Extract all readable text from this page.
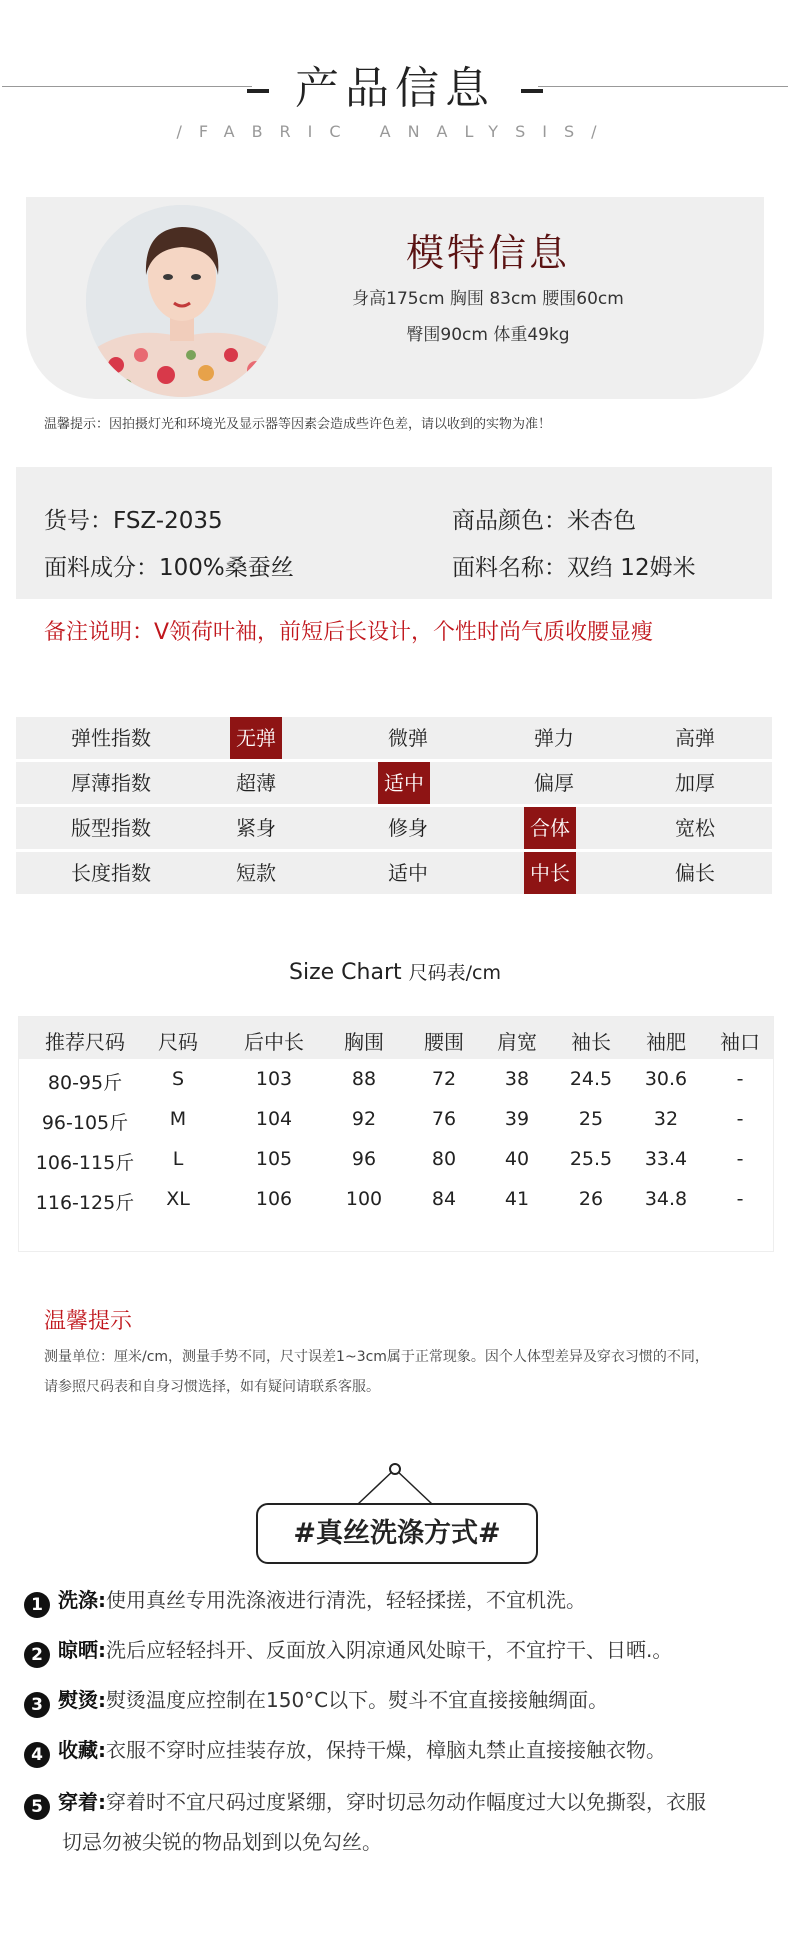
产品信息
/FABRIC ANALYSIS/
模特信息
身高175cm 胸围 83cm 腰围60cm
臀围90cm 体重49kg
温馨提示：因拍摄灯光和环境光及显示器等因素会造成些许色差，请以收到的实物为准！
货号：FSZ-2035	商品颜色：米杏色
面料成分：100%桑蚕丝	面料名称：双绉 12姆米
备注说明：V领荷叶袖，前短后长设计，个性时尚气质收腰显瘦
弹性指数	无弹	微弹	弹力	高弹
厚薄指数	超薄	适中	偏厚	加厚
版型指数	紧身	修身	合体	宽松
长度指数	短款	适中	中长	偏长
Size Chart 尺码表/cm
推荐尺码	尺码	后中长	胸围	腰围	肩宽	袖长	袖肥	袖口
80-95斤	S	103	88	72	38	24.5	30.6	-
96-105斤	M	104	92	76	39	25	32	-
106-115斤	L	105	96	80	40	25.5	33.4	-
116-125斤	XL	106	100	84	41	26	34.8	-
温馨提示
测量单位：厘米/cm，测量手势不同，尺寸误差1~3cm属于正常现象。因个人体型差异及穿衣习惯的不同，
请参照尺码表和自身习惯选择，如有疑问请联系客服。
#真丝洗涤方式#
1 洗涤:使用真丝专用洗涤液进行清洗，轻轻揉搓，不宜机洗。
2 晾晒:洗后应轻轻抖开、反面放入阴凉通风处晾干，不宜拧干、日晒.。
3 熨烫:熨烫温度应控制在150°C以下。熨斗不宜直接接触绸面。
4 收藏:衣服不穿时应挂装存放，保持干燥，樟脑丸禁止直接接触衣物。
5 穿着:穿着时不宜尺码过度紧绷，穿时切忌勿动作幅度过大以免撕裂，衣服
切忌勿被尖锐的物品划到以免勾丝。
